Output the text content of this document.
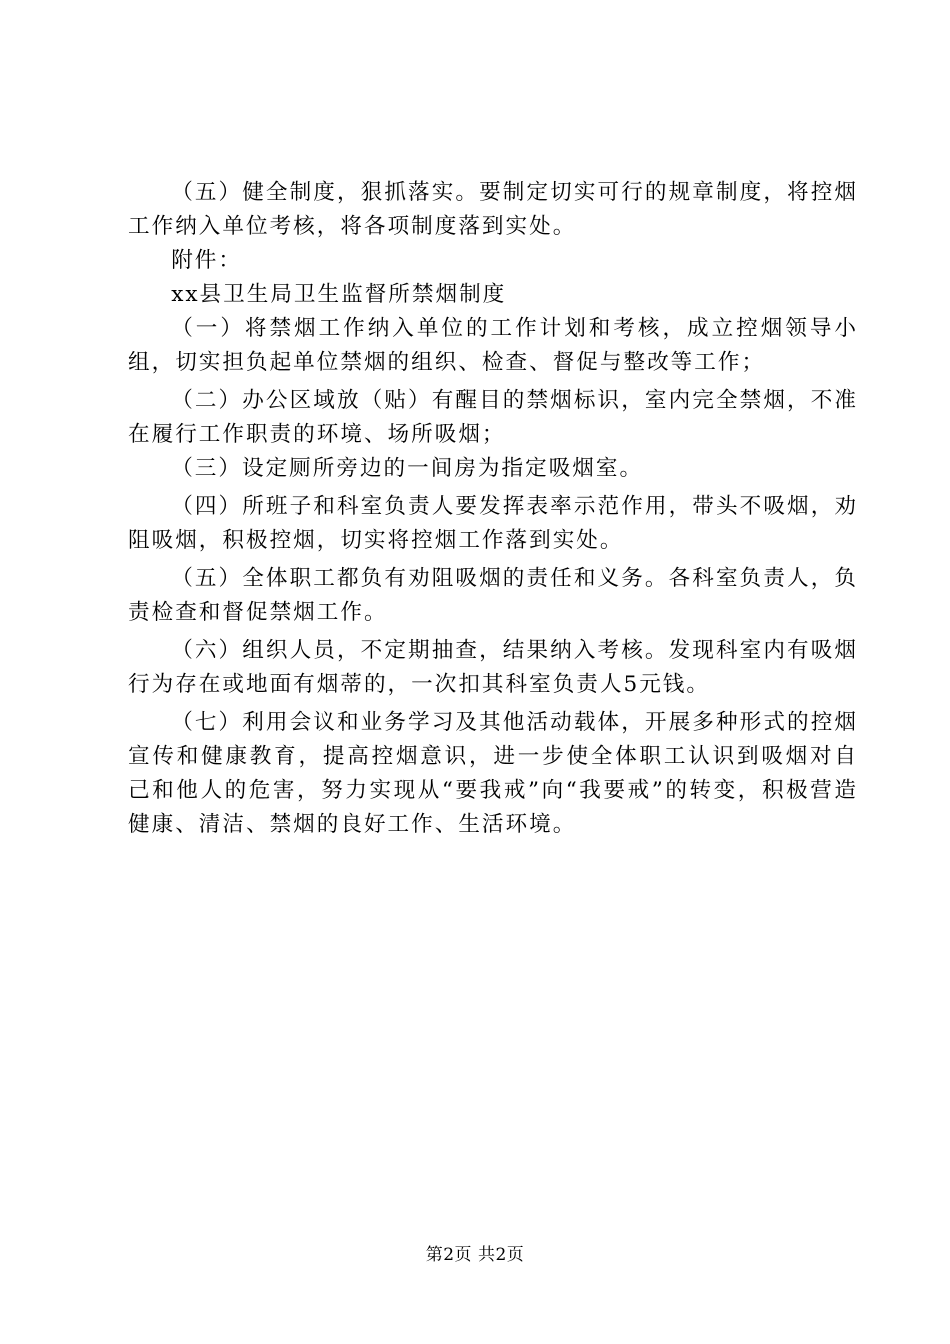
（五）健全制度，狠抓落实。要制定切实可行的规章制度，将控烟工作纳入单位考核，将各项制度落到实处。

附件：

xx县卫生局卫生监督所禁烟制度

（一）将禁烟工作纳入单位的工作计划和考核，成立控烟领导小组，切实担负起单位禁烟的组织、检查、督促与整改等工作；

（二）办公区域放（贴）有醒目的禁烟标识，室内完全禁烟，不准在履行工作职责的环境、场所吸烟；

（三）设定厕所旁边的一间房为指定吸烟室。

（四）所班子和科室负责人要发挥表率示范作用，带头不吸烟，劝阻吸烟，积极控烟，切实将控烟工作落到实处。

（五）全体职工都负有劝阻吸烟的责任和义务。各科室负责人，负责检查和督促禁烟工作。

（六）组织人员，不定期抽查，结果纳入考核。发现科室内有吸烟行为存在或地面有烟蒂的，一次扣其科室负责人5元钱。

（七）利用会议和业务学习及其他活动载体，开展多种形式的控烟宣传和健康教育，提高控烟意识，进一步使全体职工认识到吸烟对自己和他人的危害，努力实现从“要我戒”向“我要戒”的转变，积极营造健康、清洁、禁烟的良好工作、生活环境。

第2页 共2页
